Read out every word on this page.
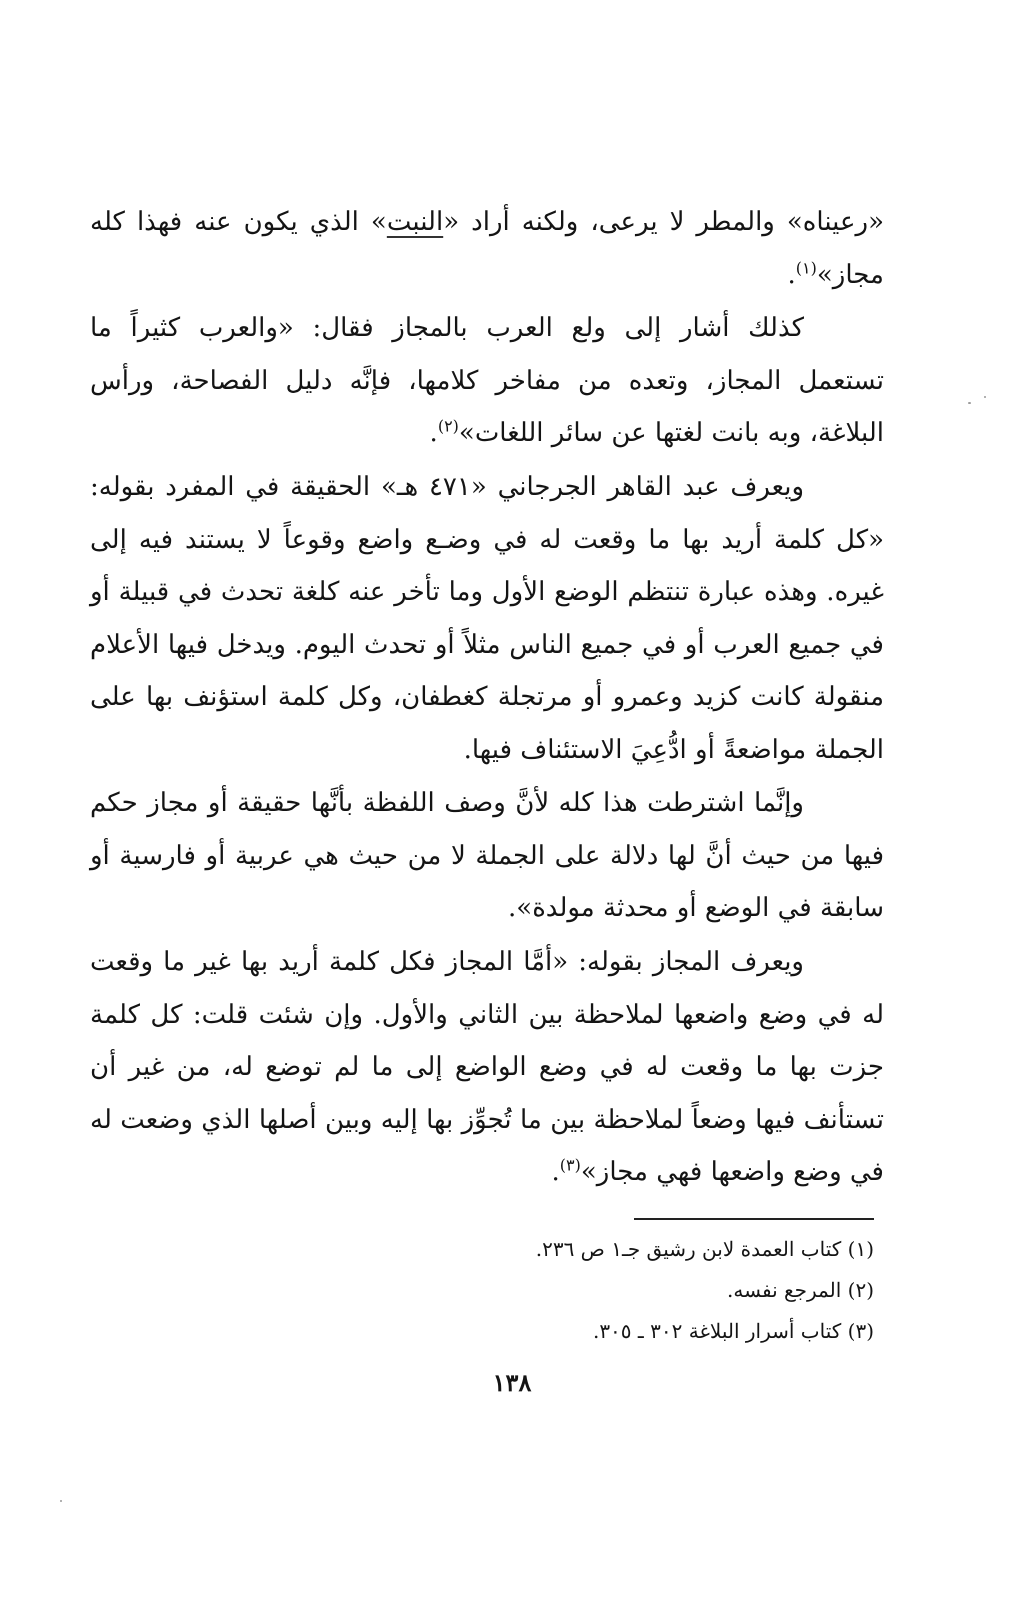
«رعيناه» والمطر لا يرعى، ولكنه أراد «النبت» الذي يكون عنه فهذا كله مجاز»$^{(١)}$.

كذلك أشار إلى ولع العرب بالمجاز فقال: «والعرب كثيراً ما تستعمل المجاز، وتعده من مفاخر كلامها، فإنَّه دليل الفصاحة، ورأس البلاغة، وبه بانت لغتها عن سائر اللغات»$^{(٢)}$.

ويعرف عبد القاهر الجرجاني «٤٧١ هـ» الحقيقة في المفرد بقوله: «كل كلمة أريد بها ما وقعت له في وضـع واضع وقوعاً لا يستند فيه إلى غيره. وهذه عبارة تنتظم الوضع الأول وما تأخر عنه كلغة تحدث في قبيلة أو في جميع العرب أو في جميع الناس مثلاً أو تحدث اليوم. ويدخل فيها الأعلام منقولة كانت كزيد وعمرو أو مرتجلة كغطفان، وكل كلمة استؤنف بها على الجملة مواضعةً أو ادُّعِيَ الاستئناف فيها.

وإنَّما اشترطت هذا كله لأنَّ وصف اللفظة بأنَّها حقيقة أو مجاز حكم فيها من حيث أنَّ لها دلالة على الجملة لا من حيث هي عربية أو فارسية أو سابقة في الوضع أو محدثة مولدة».

ويعرف المجاز بقوله: «أمَّا المجاز فكل كلمة أريد بها غير ما وقعت له في وضع واضعها لملاحظة بين الثاني والأول. وإن شئت قلت: كل كلمة جزت بها ما وقعت له في وضع الواضع إلى ما لم توضع له، من غير أن تستأنف فيها وضعاً لملاحظة بين ما تُجوِّز بها إليه وبين أصلها الذي وضعت له في وضع واضعها فهي مجاز»$^{(٣)}$.

(١) كتاب العمدة لابن رشيق جـ١ ص ٢٣٦.

(٢) المرجع نفسه.

(٣) كتاب أسرار البلاغة ٣٠٢ ـ ٣٠٥.

١٣٨
